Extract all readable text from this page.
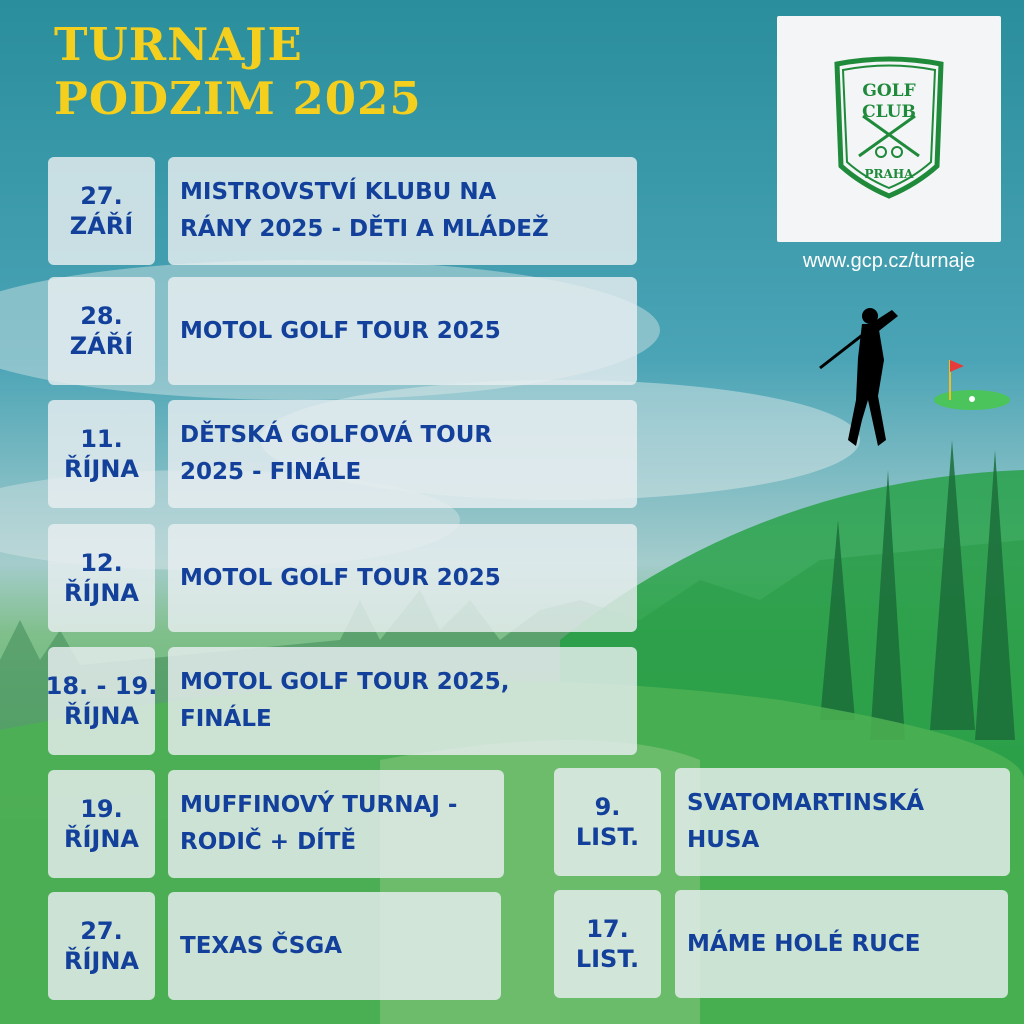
TURNAJE
PODZIM 2025	GOLF
CLUB
PRAHA
www.gcp.cz/turnaje
27.
ZÁŘÍ
MISTROVSTVÍ KLUBU NA
RÁNY 2025 - DĚTI A MLÁDEŽ
28.
ZÁŘÍ
MOTOL GOLF TOUR 2025
11.
ŘÍJNA
DĚTSKÁ GOLFOVÁ TOUR
2025 - FINÁLE
12.
ŘÍJNA
MOTOL GOLF TOUR 2025
18. - 19.
ŘÍJNA
MOTOL GOLF TOUR 2025,
FINÁLE
19.
ŘÍJNA
MUFFINOVÝ TURNAJ -
RODIČ + DÍTĚ
27.
ŘÍJNA
TEXAS ČSGA
9.
LIST.
SVATOMARTINSKÁ
HUSA
17.
LIST.
MÁME HOLÉ RUCE
